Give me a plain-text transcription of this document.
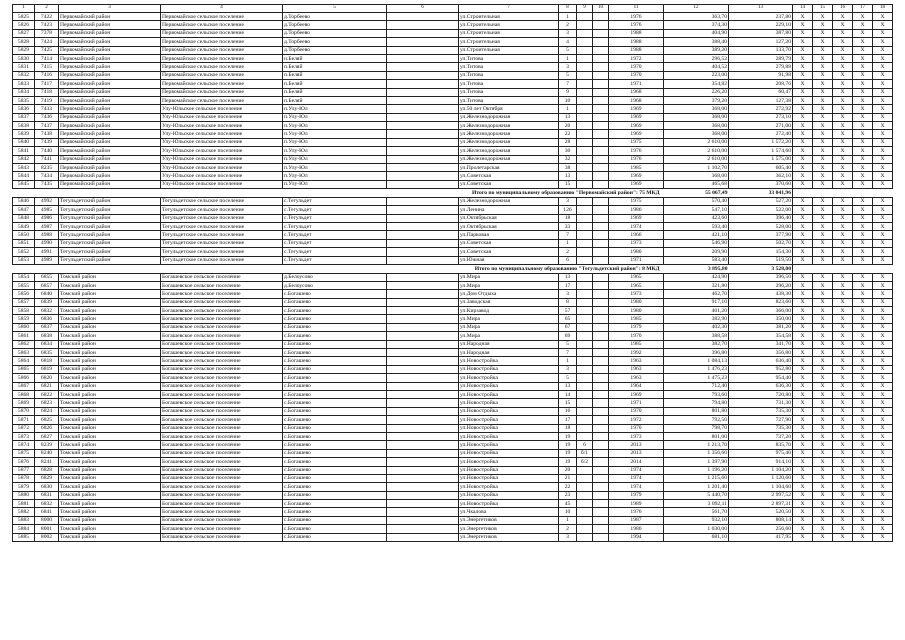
1	2	3	4	5	6	7	8	9	10	11	12	13	14	15	16	17	18
5825	7422	Первомайский район	Первомайское сельское поселение	д.Торбеево		ул.Строительная	1			1976	363,70	237,80	X	X	X	X	X
5826	7423	Первомайский район	Первомайское сельское поселение	д.Торбеево		ул.Строительная	2			1976	374,30	229,10	X	X	X	X	X
5827	7378	Первомайский район	Первомайское сельское поселение	д.Торбеево		ул.Строительная	3			1988	404,90	387,80	X	X	X	X	X
5828	7424	Первомайский район	Первомайское сельское поселение	д.Торбеево		ул.Строительная	4			1988	388,40	127,20	X	X	X	X	X
5829	7425	Первомайский район	Первомайское сельское поселение	д.Торбеево		ул.Строительная	5			1988	389,20	133,70	X	X	X	X	X
5830	7414	Первомайский район	Первомайское сельское поселение	п.Беляй		ул.Титова	1			1972	296,52	289,79	X	X	X	X	X
5831	7415	Первомайский район	Первомайское сельское поселение	п.Беляй		ул.Титова	3			1970	404,52	279,88	X	X	X	X	X
5832	7416	Первомайский район	Первомайское сельское поселение	п.Беляй		ул.Титова	5			1970	223,00	91,98	X	X	X	X	X
5833	7417	Первомайский район	Первомайское сельское поселение	п.Беляй		ул.Титова	7			1971	354,82	208,76	X	X	X	X	X
5834	7418	Первомайский район	Первомайское сельское поселение	п.Беляй		ул.Титова	9			1968	226,20	60,47	X	X	X	X	X
5835	7419	Первомайский район	Первомайское сельское поселение	п.Беляй		ул.Титова	10			1968	379,20	127,38	X	X	X	X	X
5836	7433	Первомайский район	Улу-Юльское сельское поселение	п.Улу-Юл		ул.50 лет Октября	1			1969	368,00	272,92	X	X	X	X	X
5837	7436	Первомайский район	Улу-Юльское сельское поселение	п.Улу-Юл		ул.Железнодорожная	13			1969	368,00	273,10	X	X	X	X	X
5838	7437	Первомайский район	Улу-Юльское сельское поселение	п.Улу-Юл		ул.Железнодорожная	20			1969	368,00	271,00	X	X	X	X	X
5839	7438	Первомайский район	Улу-Юльское сельское поселение	п.Улу-Юл		ул.Железнодорожная	22			1969	368,00	272,40	X	X	X	X	X
5840	7439	Первомайский район	Улу-Юльское сельское поселение	п.Улу-Юл		ул.Железнодорожная	28			1975	2 610,00	1 572,20	X	X	X	X	X
5841	7440	Первомайский район	Улу-Юльское сельское поселение	п.Улу-Юл		ул.Железнодорожная	30			1976	2 610,00	1 574,60	X	X	X	X	X
5842	7441	Первомайский район	Улу-Юльское сельское поселение	п.Улу-Юл		ул.Железнодорожная	32			1976	2 610,00	1 575,00	X	X	X	X	X
5843	8235	Первомайский район	Улу-Юльское сельское поселение	п.Улу-Юл		ул.Пролетарская	38			1985	1 102,70	605,40	X	X	X	X	X
5844	7434	Первомайский район	Улу-Юльское сельское поселение	п.Улу-Юл		ул.Советская	13			1969	368,00	362,10	X	X	X	X	X
5845	7435	Первомайский район	Улу-Юльское сельское поселение	п.Улу-Юл		ул.Советская	15			1969	465,68	370,60	X	X	X	X	X
Итого по муниципальному образованию "Первомайский район": 75 МКД											55 067,49	33 041,96					
5846	4992	Тегульдетский район	Тегульдетское сельское поселение	с.Тегульдет		ул.Железнодорожная	3			1975	570,40	527,20	X	X	X	X	X
5847	4985	Тегульдетский район	Тегульдетское сельское поселение	с.Тегульдет		ул.Ленина	126			1986	547,10	522,00	X	X	X	X	X
5848	4986	Тегульдетский район	Тегульдетское сельское поселение	с.Тегульдет		ул.Октябрьская	18			1969	423,60	396,40	X	X	X	X	X
5849	4987	Тегульдетский район	Тегульдетское сельское поселение	с.Тегульдет		ул.Октябрьская	33			1974	593,40	528,00	X	X	X	X	X
5850	4988	Тегульдетский район	Тегульдетское сельское поселение	с.Тегульдет		ул.Парковая	7			1966	421,10	377,90	X	X	X	X	X
5851	4990	Тегульдетский район	Тегульдетское сельское поселение	с.Тегульдет		ул.Советская	1			1973	546,90	502,70	X	X	X	X	X
5852	4991	Тегульдетский район	Тегульдетское сельское поселение	с.Тегульдет		ул.Советская	2			1980	209,90	154,30	X	X	X	X	X
5853	4989	Тегульдетский район	Тегульдетское сельское поселение	с.Тегульдет		ул.Южная	6			1971	583,40	519,50	X	X	X	X	X
Итого по муниципальному образованию "Тегульдетский район": 8 МКД											3 895,80	3 528,00					
5854	6855	Томский район	Богашевское сельское поселение	д.Белоусово		ул.Мира	13			1965	424,90	396,50	X	X	X	X	X
5855	6857	Томский район	Богашевское сельское поселение	д.Белоусово		ул.Мира	17			1965	321,80	296,20	X	X	X	X	X
5856	6840	Томский район	Богашевское сельское поселение	с.Богашево		ул.Дом Отдыха	3			1973	462,70	438,30	X	X	X	X	X
5857	6839	Томский район	Богашевское сельское поселение	с.Богашево		ул.Заводская	8			1980	917,10	823,60	X	X	X	X	X
5858	6832	Томский район	Богашевское сельское поселение	с.Богашево		ул.Кирзавод	57			1980	401,20	366,00	X	X	X	X	X
5859	6836	Томский район	Богашевское сельское поселение	с.Богашево		ул.Мира	65			1985	382,90	350,00	X	X	X	X	X
5860	6837	Томский район	Богашевское сельское поселение	с.Богашево		ул.Мира	67			1979	402,30	381,20	X	X	X	X	X
5861	6838	Томский район	Богашевское сельское поселение	с.Богашево		ул.Мира	69			1970	388,58	354,58	X	X	X	X	X
5862	6834	Томский район	Богашевское сельское поселение	с.Богашево		ул.Народная	5			1985	382,70	341,70	X	X	X	X	X
5863	6835	Томский район	Богашевское сельское поселение	с.Богашево		ул.Народная	7			1992	396,80	356,80	X	X	X	X	X
5864	6818	Томский район	Богашевское сельское поселение	с.Богашево		ул.Новостройка	1			1963	1 084,13	636,40	X	X	X	X	X
5865	6819	Томский район	Богашевское сельское поселение	с.Богашево		ул.Новостройка	3			1963	1 476,23	952,80	X	X	X	X	X
5866	6820	Томский район	Богашевское сельское поселение	с.Богашево		ул.Новостройка	5			1963	1 475,23	954,40	X	X	X	X	X
5867	6821	Томский район	Богашевское сельское поселение	с.Богашево		ул.Новостройка	13			1964	712,40	636,30	X	X	X	X	X
5868	6822	Томский район	Богашевское сельское поселение	с.Богашево		ул.Новостройка	14			1969	793,60	720,80	X	X	X	X	X
5869	6823	Томский район	Богашевское сельское поселение	с.Богашево		ул.Новостройка	15			1971	794,80	731,30	X	X	X	X	X
5870	6824	Томский район	Богашевское сельское поселение	с.Богашево		ул.Новостройка	16			1970	801,80	735,30	X	X	X	X	X
5871	6825	Томский район	Богашевское сельское поселение	с.Богашево		ул.Новостройка	17			1972	792,50	727,90	X	X	X	X	X
5872	6826	Томский район	Богашевское сельское поселение	с.Богашево		ул.Новостройка	18			1970	798,70	735,30	X	X	X	X	X
5873	6827	Томский район	Богашевское сельское поселение	с.Богашево		ул.Новостройка	19			1973	801,00	737,20	X	X	X	X	X
5874	8239	Томский район	Богашевское сельское поселение	с.Богашево		ул.Новостройка	19	6		2013	1 213,70	835,70	X	X	X	X	X
5875	8240	Томский район	Богашевское сельское поселение	с.Богашево		ул.Новостройка	19	б/1		2013	1 356,60	975,40	X	X	X	X	X
5876	8241	Томский район	Богашевское сельское поселение	с.Богашево		ул.Новостройка	19	б/2		2014	1 397,90	914,10	X	X	X	X	X
5877	6828	Томский район	Богашевское сельское поселение	с.Богашево		ул.Новостройка	20			1974	1 196,20	1 104,20	X	X	X	X	X
5878	6829	Томский район	Богашевское сельское поселение	с.Богашево		ул.Новостройка	21			1974	1 215,60	1 120,60	X	X	X	X	X
5879	6830	Томский район	Богашевское сельское поселение	с.Богашево		ул.Новостройка	22			1974	1 201,40	1 104,60	X	X	X	X	X
5880	6831	Томский район	Богашевское сельское поселение	с.Богашево		ул.Новостройка	23			1979	5 440,70	2 997,52	X	X	X	X	X
5881	6832	Томский район	Богашевское сельское поселение	с.Богашево		ул.Новостройка	45			1989	3 092,11	2 897,31	X	X	X	X	X
5882	6841	Томский район	Богашевское сельское поселение	с.Богашево		ул.Чкалова	10			1976	561,70	520,50	X	X	X	X	X
5883	8000	Томский район	Богашевское сельское поселение	с.Богашево		ул.Энергетиков	1			1987	932,10	808,14	X	X	X	X	X
5884	8001	Томский район	Богашевское сельское поселение	с.Богашево		ул.Энергетиков	2			1986	1 030,00	256,60	X	X	X	X	X
5885	8002	Томский район	Богашевское сельское поселение	с.Богашево		ул.Энергетиков	3			1994	681,10	417,95	X	X	X	X	X
